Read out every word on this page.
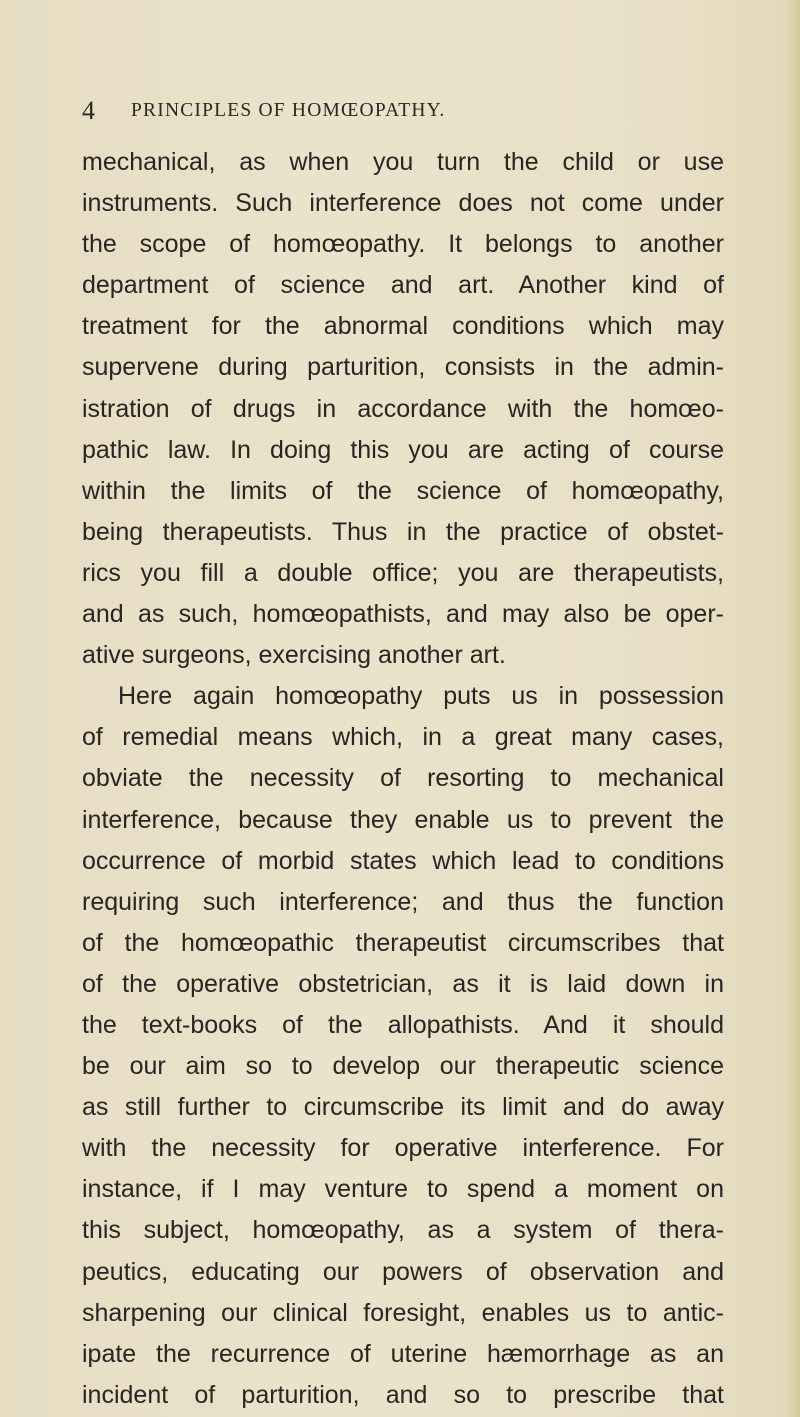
4 PRINCIPLES OF HOMŒOPATHY.
mechanical, as when you turn the child or use
instruments. Such interference does not come under
the scope of homœopathy. It belongs to another
department of science and art. Another kind of
treatment for the abnormal conditions which may
supervene during parturition, consists in the admin-
istration of drugs in accordance with the homœo-
pathic law. In doing this you are acting of course
within the limits of the science of homœopathy,
being therapeutists. Thus in the practice of obstet-
rics you fill a double office; you are therapeutists,
and as such, homœopathists, and may also be oper-
ative surgeons, exercising another art.
Here again homœopathy puts us in possession
of remedial means which, in a great many cases,
obviate the necessity of resorting to mechanical
interference, because they enable us to prevent the
occurrence of morbid states which lead to conditions
requiring such interference; and thus the function
of the homœopathic therapeutist circumscribes that
of the operative obstetrician, as it is laid down in
the text-books of the allopathists. And it should
be our aim so to develop our therapeutic science
as still further to circumscribe its limit and do away
with the necessity for operative interference. For
instance, if I may venture to spend a moment on
this subject, homœopathy, as a system of thera-
peutics, educating our powers of observation and
sharpening our clinical foresight, enables us to antic-
ipate the recurrence of uterine hæmorrhage as an
incident of parturition, and so to prescribe that
